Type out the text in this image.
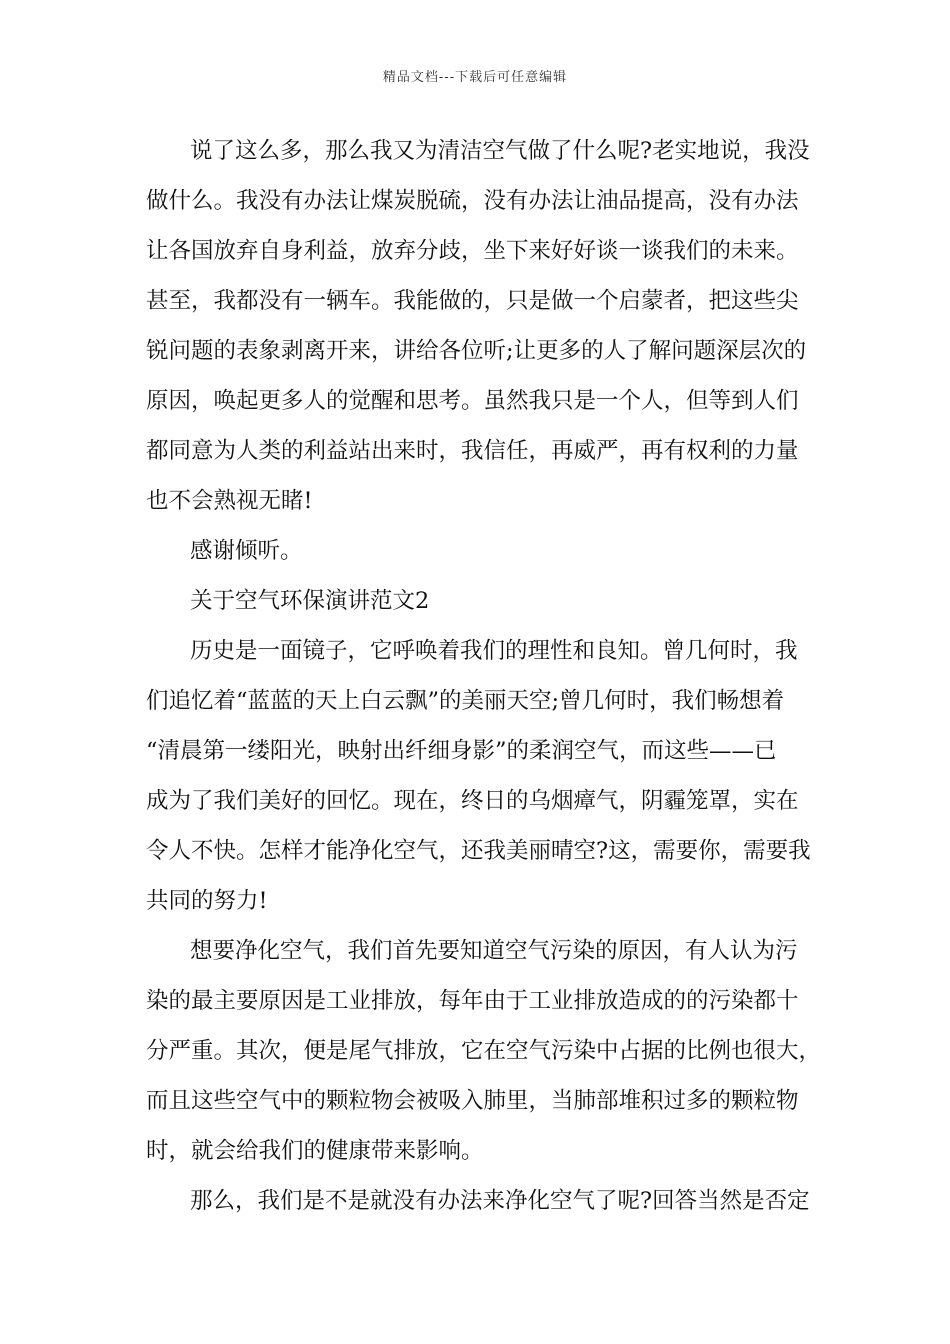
精品文档---下载后可任意编辑
说了这么多，那么我又为清洁空气做了什么呢?老实地说，我没
做什么。我没有办法让煤炭脱硫，没有办法让油品提高，没有办法
让各国放弃自身利益，放弃分歧，坐下来好好谈一谈我们的未来。
甚至，我都没有一辆车。我能做的，只是做一个启蒙者，把这些尖
锐问题的表象剥离开来，讲给各位听;让更多的人了解问题深层次的
原因，唤起更多人的觉醒和思考。虽然我只是一个人，但等到人们
都同意为人类的利益站出来时，我信任，再威严，再有权利的力量
也不会熟视无睹!
感谢倾听。
关于空气环保演讲范文2
历史是一面镜子，它呼唤着我们的理性和良知。曾几何时，我
们追忆着“蓝蓝的天上白云飘”的美丽天空;曾几何时，我们畅想着
“清晨第一缕阳光，映射出纤细身影”的柔润空气，而这些——已
成为了我们美好的回忆。现在，终日的乌烟瘴气，阴霾笼罩，实在
令人不快。怎样才能净化空气，还我美丽晴空?这，需要你，需要我
共同的努力!
想要净化空气，我们首先要知道空气污染的原因，有人认为污
染的最主要原因是工业排放，每年由于工业排放造成的的污染都十
分严重。其次，便是尾气排放，它在空气污染中占据的比例也很大，
而且这些空气中的颗粒物会被吸入肺里，当肺部堆积过多的颗粒物
时，就会给我们的健康带来影响。
那么，我们是不是就没有办法来净化空气了呢?回答当然是否定
